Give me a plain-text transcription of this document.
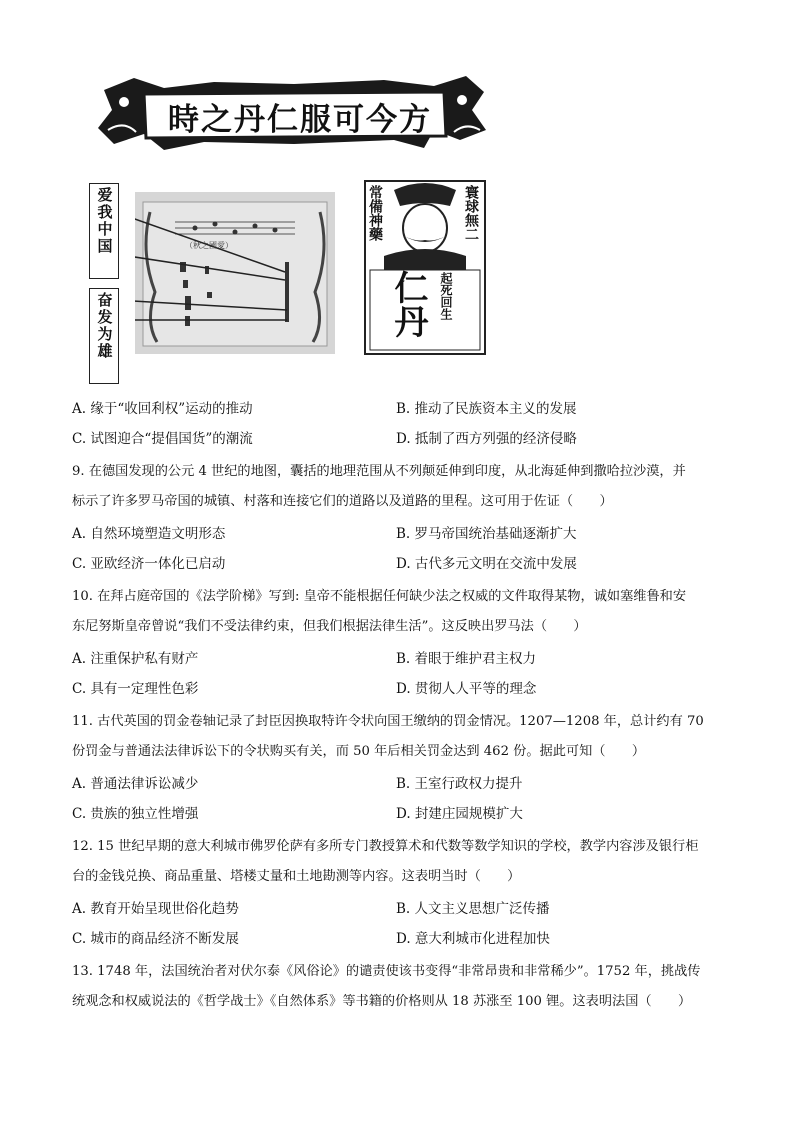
時之丹仁服可今方
（秋之國愛）
爱我中国
奋发为雄
常備神藥	寰球無二
仁丹 起死回生
A. 缘于“收回利权”运动的推动	B. 推动了民族资本主义的发展
C. 试图迎合“提倡国货”的潮流	D. 抵制了西方列强的经济侵略
9. 在德国发现的公元 4 世纪的地图，囊括的地理范围从不列颠延伸到印度，从北海延伸到撒哈拉沙漠，并
标示了许多罗马帝国的城镇、村落和连接它们的道路以及道路的里程。这可用于佐证（　　）
A. 自然环境塑造文明形态	B. 罗马帝国统治基础逐渐扩大
C. 亚欧经济一体化已启动	D. 古代多元文明在交流中发展
10. 在拜占庭帝国的《法学阶梯》写到: 皇帝不能根据任何缺少法之权威的文件取得某物，诚如塞维鲁和安
东尼努斯皇帝曾说“我们不受法律约束，但我们根据法律生活”。这反映出罗马法（　　）
A. 注重保护私有财产	B. 着眼于维护君主权力
C. 具有一定理性色彩	D. 贯彻人人平等的理念
11. 古代英国的罚金卷轴记录了封臣因换取特许令状向国王缴纳的罚金情况。1207—1208 年，总计约有 70
份罚金与普通法法律诉讼下的令状购买有关，而 50 年后相关罚金达到 462 份。据此可知（　　）
A. 普通法律诉讼减少	B. 王室行政权力提升
C. 贵族的独立性增强	D. 封建庄园规模扩大
12. 15 世纪早期的意大利城市佛罗伦萨有多所专门教授算术和代数等数学知识的学校，教学内容涉及银行柜
台的金钱兑换、商品重量、塔楼丈量和土地勘测等内容。这表明当时（　　）
A. 教育开始呈现世俗化趋势	B. 人文主义思想广泛传播
C. 城市的商品经济不断发展	D. 意大利城市化进程加快
13. 1748 年，法国统治者对伏尔泰《风俗论》的谴责使该书变得“非常昂贵和非常稀少”。1752 年，挑战传
统观念和权威说法的《哲学战士》《自然体系》等书籍的价格则从 18 苏涨至 100 锂。这表明法国（　　）
